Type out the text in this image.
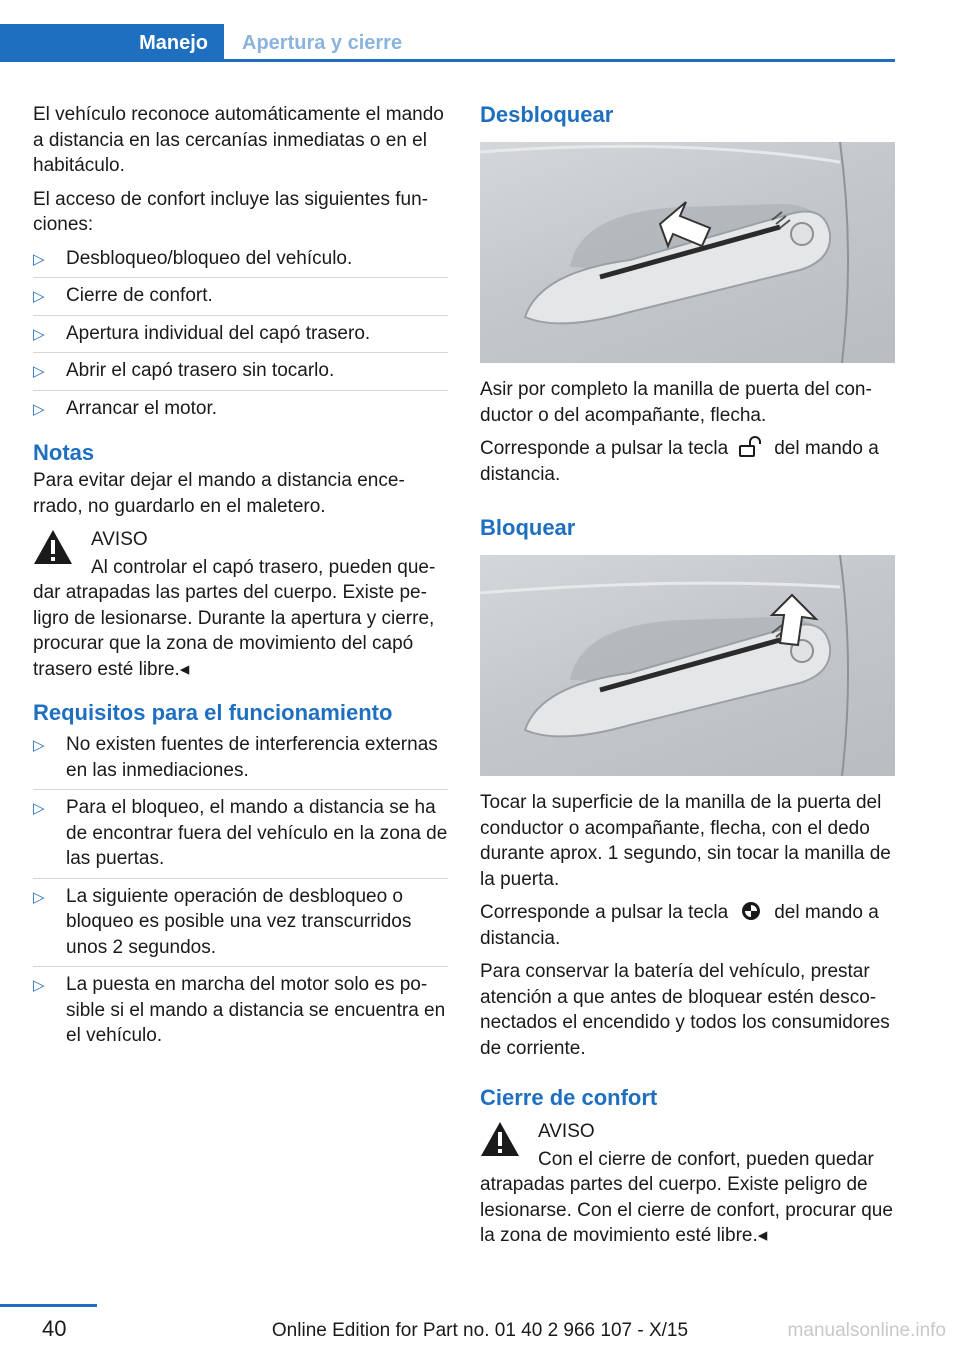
Manejo Apertura y cierre

El vehículo reconoce automáticamente el mando a distancia en las cercanías inmediatas o en el habitáculo.

El acceso de confort incluye las siguientes funciones:

▷ Desbloqueo/bloqueo del vehículo.
▷ Cierre de confort.
▷ Apertura individual del capó trasero.
▷ Abrir el capó trasero sin tocarlo.
▷ Arrancar el motor.
Notas

Para evitar dejar el mando a distancia encerrado, no guardarlo en el maletero.

AVISO

Al controlar el capó trasero, pueden quedar atrapadas las partes del cuerpo. Existe peligro de lesionarse. Durante la apertura y cierre, procurar que la zona de movimiento del capó trasero esté libre.◂

Requisitos para el funcionamiento
▷ No existen fuentes de interferencia externas en las inmediaciones.
▷ Para el bloqueo, el mando a distancia se ha de encontrar fuera del vehículo en la zona de las puertas.
▷ La siguiente operación de desbloqueo o bloqueo es posible una vez transcurridos unos 2 segundos.
▷ La puesta en marcha del motor solo es posible si el mando a distancia se encuentra en el vehículo.
Desbloquear

Asir por completo la manilla de puerta del conductor o del acompañante, flecha.

Corresponde a pulsar la tecla del mando a distancia.

Bloquear

Tocar la superficie de la manilla de la puerta del conductor o acompañante, flecha, con el dedo durante aprox. 1 segundo, sin tocar la manilla de la puerta.

Corresponde a pulsar la tecla del mando a distancia.

Para conservar la batería del vehículo, prestar atención a que antes de bloquear estén desconectados el encendido y todos los consumidores de corriente.

Cierre de confort

AVISO

Con el cierre de confort, pueden quedar atrapadas partes del cuerpo. Existe peligro de lesionarse. Con el cierre de confort, procurar que la zona de movimiento esté libre.◂

40	Online Edition for Part no. 01 40 2 966 107 - X/15	manualsonline.info
